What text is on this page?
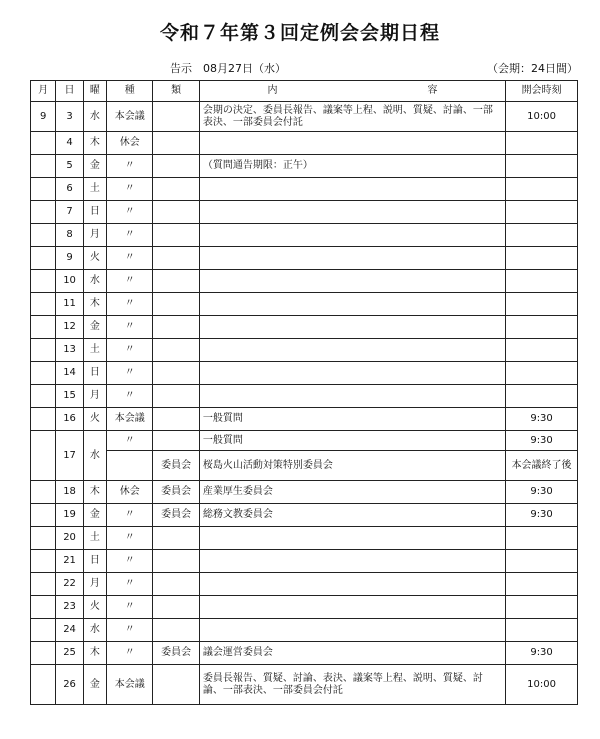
令和７年第３回定例会会期日程
告示　08月27日（水）	（会期：24日間）
月	日	曜	種	類	内 容	開会時刻
9	3	水	本会議		会期の決定、委員長報告、議案等上程、説明、質疑、討論、一部表決、一部委員会付託	10:00
	4	木	休会			
	5	金	〃		（質問通告期限：正午）	
	6	土	〃			
	7	日	〃			
	8	月	〃			
	9	火	〃			
	10	水	〃			
	11	木	〃			
	12	金	〃			
	13	土	〃			
	14	日	〃			
	15	月	〃			
	16	火	本会議		一般質問	9:30
	17	水	〃		一般質問	9:30
				委員会	桜島火山活動対策特別委員会	本会議終了後
	18	木	休会	委員会	産業厚生委員会	9:30
	19	金	〃	委員会	総務文教委員会	9:30
	20	土	〃			
	21	日	〃			
	22	月	〃			
	23	火	〃			
	24	水	〃			
	25	木	〃	委員会	議会運営委員会	9:30
	26	金	本会議		委員長報告、質疑、討論、表決、議案等上程、説明、質疑、討論、一部表決、一部委員会付託	10:00
